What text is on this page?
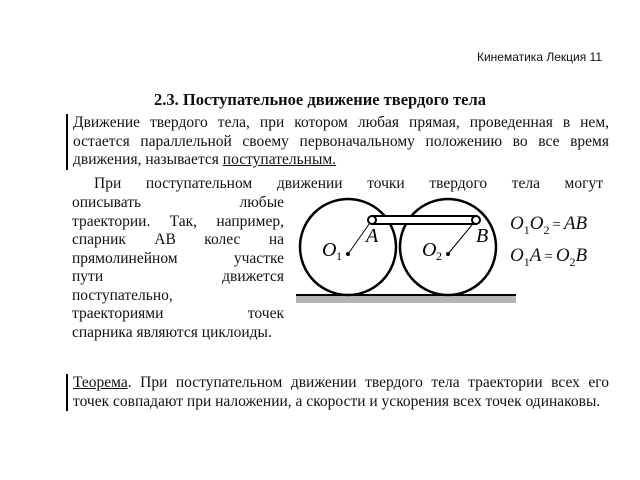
Кинематика Лекция 11
2.3. Поступательное движение твердого тела
Движение твердого тела, при котором любая прямая, проведенная в нем, остается параллельной своему первоначальному положению во все время движения, называется поступательным.
При поступательном движении точки твердого тела могут
описывать любые
траектории. Так, например,
спарник AB колес на
прямолинейном участке
пути движется
поступательно,
траекториями точек
спарника являются циклоиды.
O 1	O 2
A	B
$O_1O_2$ = AB
$O_1A = O_2B$
Теорема. При поступательном движении твердого тела траектории всех его точек совпадают при наложении, а скорости и ускорения всех точек одинаковы.
